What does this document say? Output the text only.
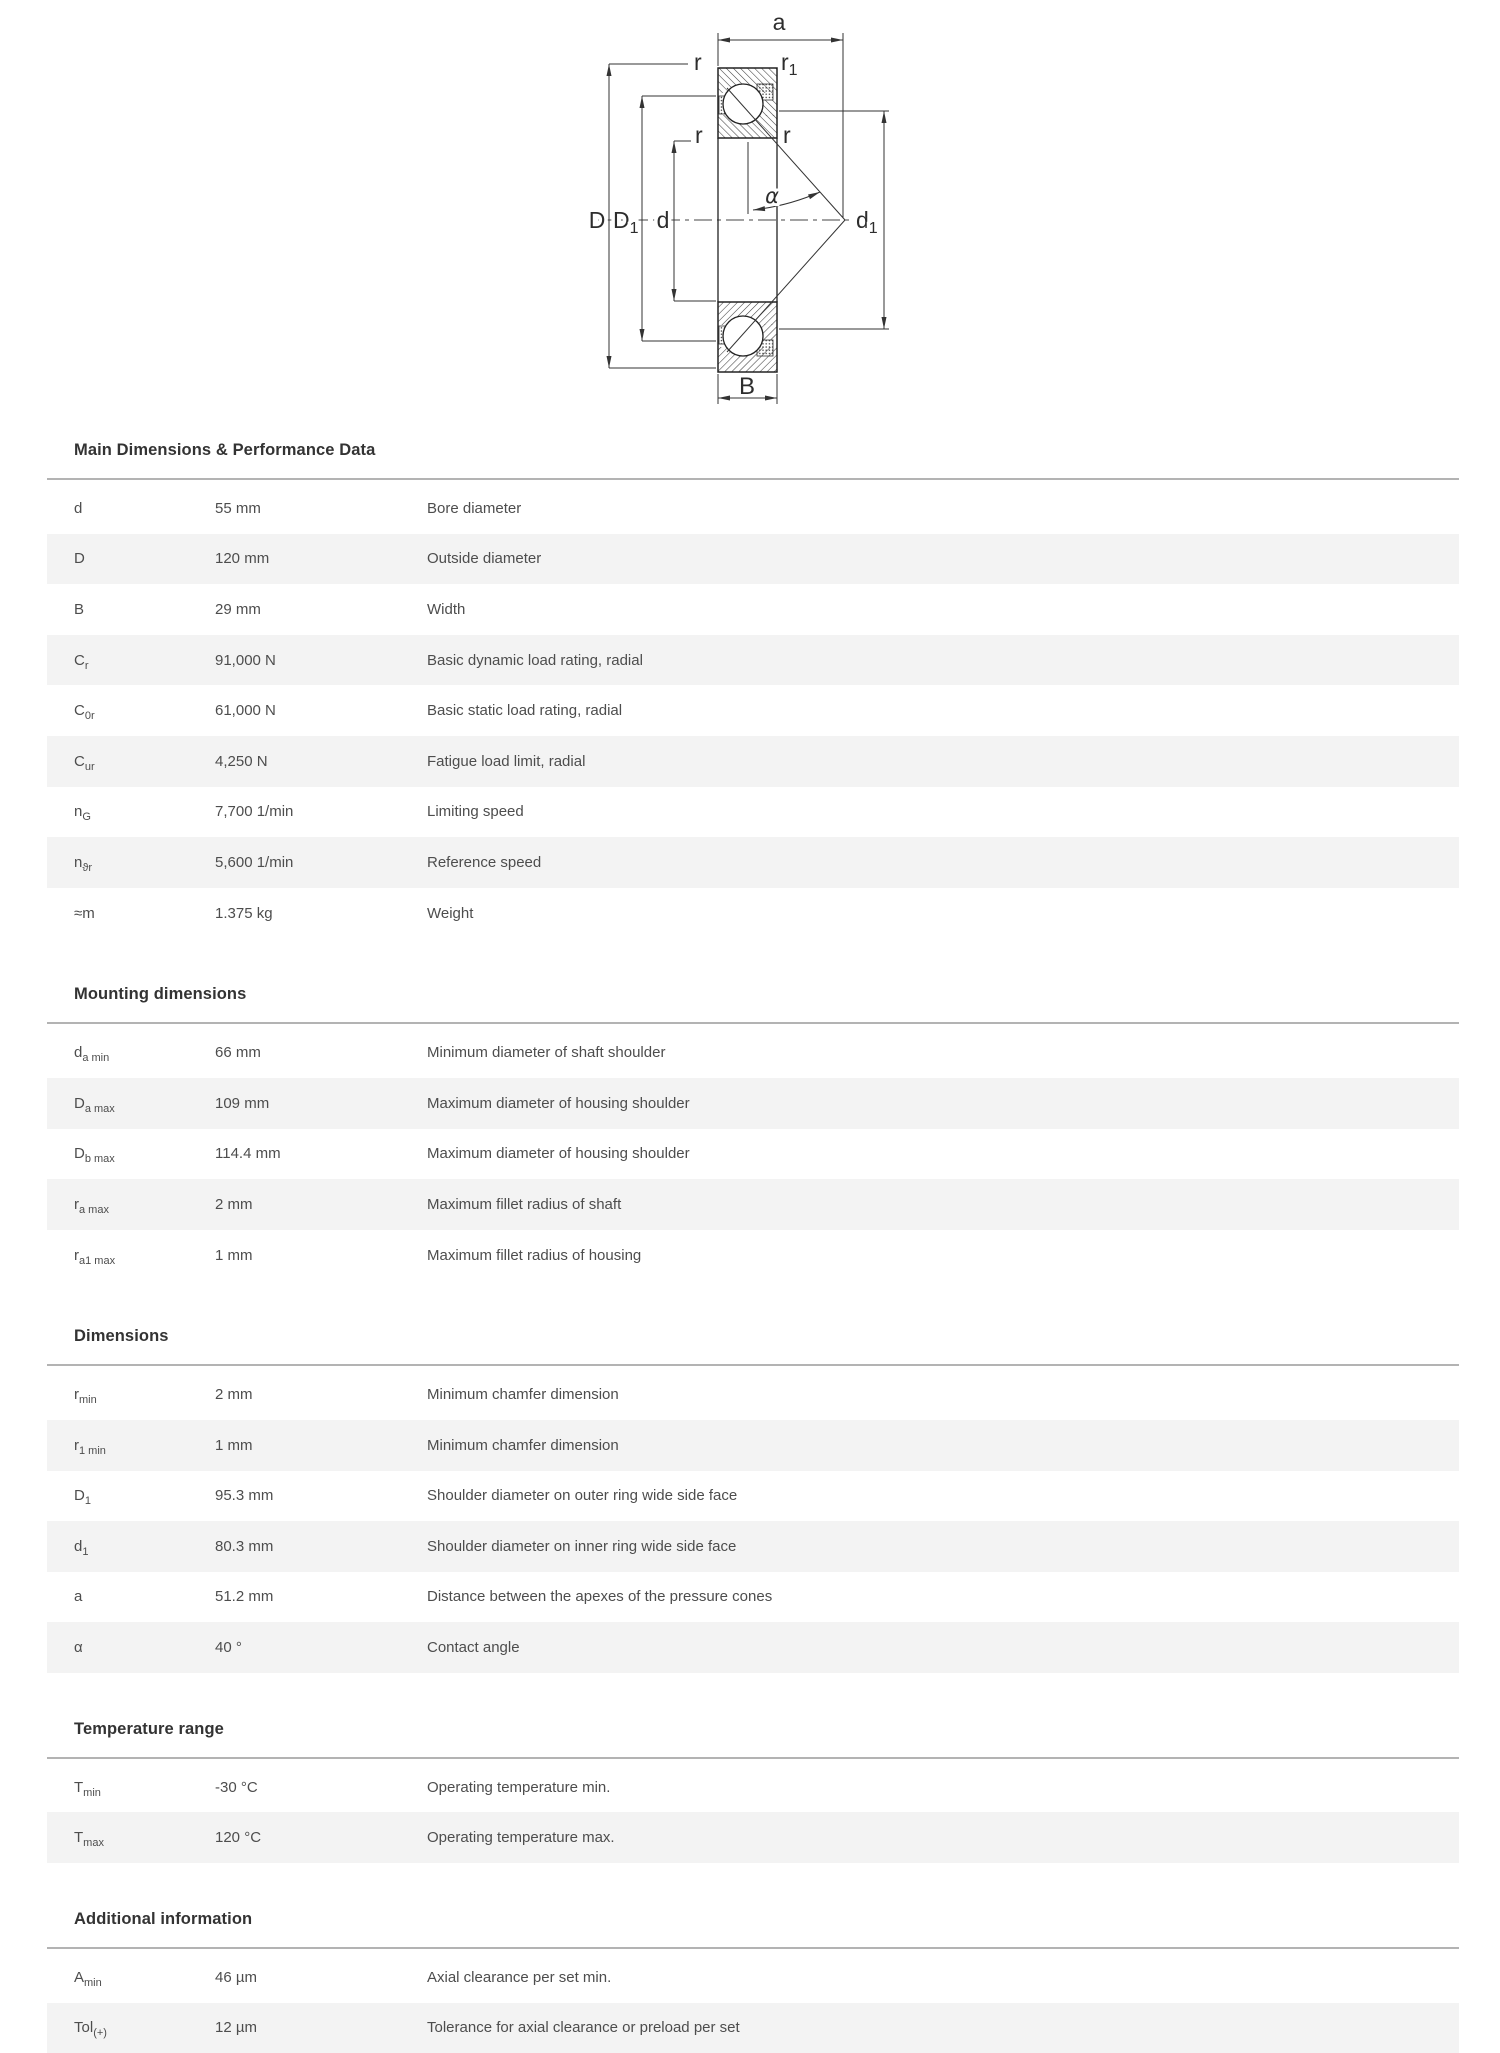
a
r	$r_1$
r	r
D $D_1$ d	$d_1$
α
B
Main Dimensions & Performance Data
d	55 mm	Bore diameter
D	120 mm	Outside diameter
B	29 mm	Width
$C_r$	91,000 N	Basic dynamic load rating, radial
$C_{0r}$	61,000 N	Basic static load rating, radial
$C_{ur}$	4,250 N	Fatigue load limit, radial
$n_G$	7,700 1/min	Limiting speed
$n_{ϑr}$	5,600 1/min	Reference speed
≈m	1.375 kg	Weight
Mounting dimensions
$d_{a min}$	66 mm	Minimum diameter of shaft shoulder
$D_{a max}$	109 mm	Maximum diameter of housing shoulder
$D_{b max}$	114.4 mm	Maximum diameter of housing shoulder
$r_{a max}$	2 mm	Maximum fillet radius of shaft
$r_{a1 max}$	1 mm	Maximum fillet radius of housing
Dimensions
$r_{min}$	2 mm	Minimum chamfer dimension
$r_{1 min}$	1 mm	Minimum chamfer dimension
$D_1$	95.3 mm	Shoulder diameter on outer ring wide side face
$d_1$	80.3 mm	Shoulder diameter on inner ring wide side face
a	51.2 mm	Distance between the apexes of the pressure cones
α	40 °	Contact angle
Temperature range
$T_{min}$	-30 °C	Operating temperature min.
$T_{max}$	120 °C	Operating temperature max.
Additional information
$A_{min}$	46 µm	Axial clearance per set min.
Tol$_{(+)}$	12 µm	Tolerance for axial clearance or preload per set
